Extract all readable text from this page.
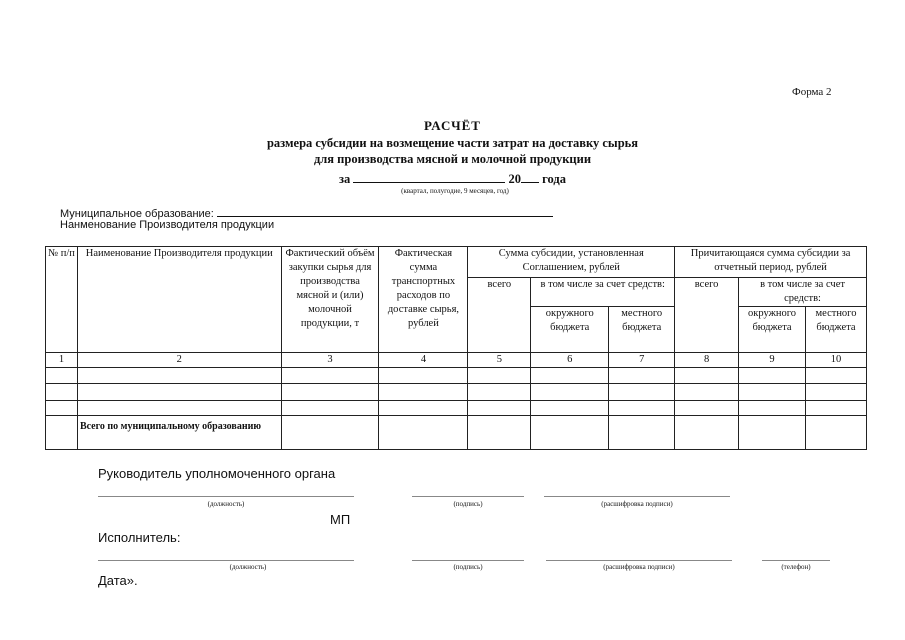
Форма 2
РАСЧЁТ
размера субсидии на возмещение части затрат на доставку сырья
для производства мясной и молочной продукции
за	20 года
(квартал, полугодие, 9 месяцев, год)
Муниципальное образование:
Нанменование Производителя продукции
№ п/п	Наименование Производителя продукции	Фактический объём закупки сырья для производства мясной и (или) молочной продукции, т	Фактическая сумма транспортных расходов по доставке сырья, рублей	Сумма субсидии, установленная Соглашением, рублей			Причитающаяся сумма субсидии за отчетный период, рублей		
				всего	в том числе за счет средств:		всего	в том числе за счет средств:	
					окружного бюджета	местного бюджета		окружного бюджета	местного бюджета
1	2	3	4	5	6	7	8	9	10

	Всего по муниципальному образованию								
Руководитель уполномоченного органа
(должность)	(подпись)	(расшифровка подписи)
МП
Исполнитель:
(должность)	(подпись)	(расшифровка подписи)	(телефон)
Дата».
